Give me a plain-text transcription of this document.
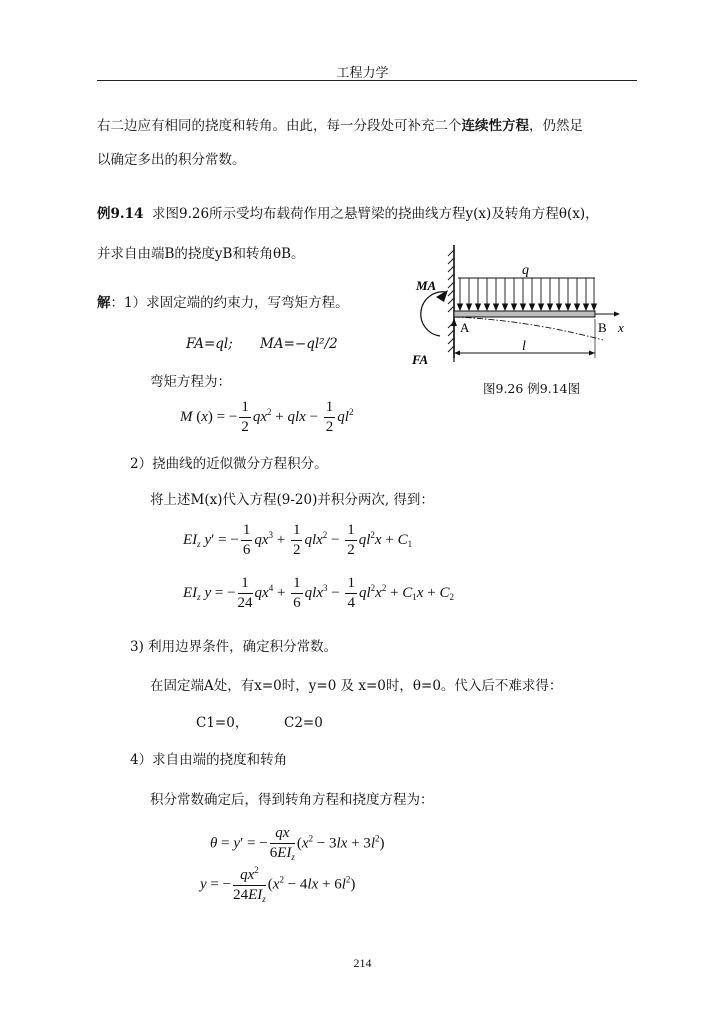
工程力学
右二边应有相同的挠度和转角。由此，每一分段处可补充二个连续性方程，仍然足
以确定多出的积分常数。
例9.14 求图9.26所示受均布载荷作用之悬臂梁的挠曲线方程y(x)及转角方程θ(x)，
并求自由端B的挠度yB和转角θB。
解：1）求固定端的约束力，写弯矩方程。
FA=ql; MA=−ql²/2
弯矩方程为：
M (x) = − $\frac{1}{2} qx^2$ + qlx − $\frac{1}{2} ql^2$
2）挠曲线的近似微分方程积分。
将上述M(x)代入方程(9-20)并积分两次, 得到：
$EI_z$ y′ = − $\frac{1}{6} qx^3 + \frac{1}{2} qlx^2 - \frac{1}{2} ql^2x + C_1$
$EI_z$ y = − $\frac{1}{24} qx^4 + \frac{1}{6} qlx^3 - \frac{1}{4} ql^2x^2 + C_1x + C_2$
3) 利用边界条件，确定积分常数。
在固定端A处，有x=0时，y=0 及 x=0时，θ=0。代入后不难求得：
C1=0，	C2=0
4）求自由端的挠度和转角
积分常数确定后，得到转角方程和挠度方程为：
θ = y′ = − $\frac{qx}{6EI_z} (x^2 - 3lx + 3l^2)$
y = − $\frac{qx^2}{24EI_z} (x^2 - 4lx + 6l^2)$
q
MA
FA
A	B x
l
图9.26 例9.14图
214
